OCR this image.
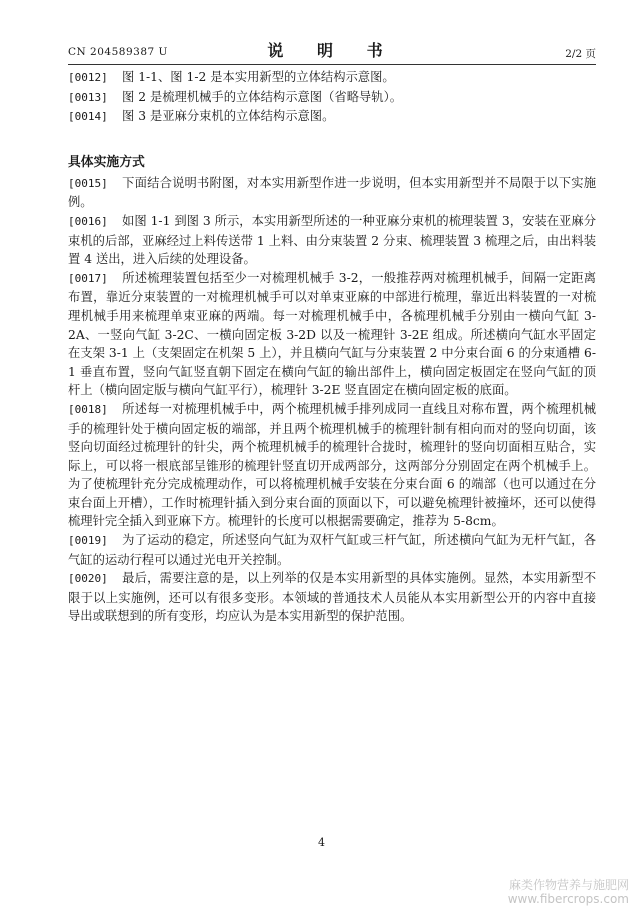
CN 204589387 U	说 明 书	2/2 页

[0012] 图 1-1、图 1-2 是本实用新型的立体结构示意图。

[0013] 图 2 是梳理机械手的立体结构示意图（省略导轨）。

[0014] 图 3 是亚麻分束机的立体结构示意图。

具体实施方式

[0015] 下面结合说明书附图，对本实用新型作进一步说明，但本实用新型并不局限于以下实施例。

[0016] 如图 1-1 到图 3 所示，本实用新型所述的一种亚麻分束机的梳理装置 3，安装在亚麻分束机的后部，亚麻经过上料传送带 1 上料、由分束装置 2 分束、梳理装置 3 梳理之后，由出料装置 4 送出，进入后续的处理设备。

[0017] 所述梳理装置包括至少一对梳理机械手 3-2，一般推荐两对梳理机械手，间隔一定距离布置，靠近分束装置的一对梳理机械手可以对单束亚麻的中部进行梳理，靠近出料装置的一对梳理机械手用来梳理单束亚麻的两端。每一对梳理机械手中，各梳理机械手分别由一横向气缸 3-2A、一竖向气缸 3-2C、一横向固定板 3-2D 以及一梳理针 3-2E 组成。所述横向气缸水平固定在支架 3-1 上（支架固定在机架 5 上），并且横向气缸与分束装置 2 中分束台面 6 的分束通槽 6-1 垂直布置，竖向气缸竖直朝下固定在横向气缸的输出部件上，横向固定板固定在竖向气缸的顶杆上（横向固定版与横向气缸平行），梳理针 3-2E 竖直固定在横向固定板的底面。

[0018] 所述每一对梳理机械手中，两个梳理机械手排列成同一直线且对称布置，两个梳理机械手的梳理针处于横向固定板的端部，并且两个梳理机械手的梳理针制有相向而对的竖向切面，该竖向切面经过梳理针的针尖，两个梳理机械手的梳理针合拢时，梳理针的竖向切面相互贴合，实际上，可以将一根底部呈锥形的梳理针竖直切开成两部分，这两部分分别固定在两个机械手上。为了使梳理针充分完成梳理动作，可以将梳理机械手安装在分束台面 6 的端部（也可以通过在分束台面上开槽），工作时梳理针插入到分束台面的顶面以下，可以避免梳理针被撞坏，还可以使得梳理针完全插入到亚麻下方。梳理针的长度可以根据需要确定，推荐为 5-8cm。

[0019] 为了运动的稳定，所述竖向气缸为双杆气缸或三杆气缸，所述横向气缸为无杆气缸，各气缸的运动行程可以通过光电开关控制。

[0020] 最后，需要注意的是，以上列举的仅是本实用新型的具体实施例。显然，本实用新型不限于以上实施例，还可以有很多变形。本领域的普通技术人员能从本实用新型公开的内容中直接导出或联想到的所有变形，均应认为是本实用新型的保护范围。

4
麻类作物营养与施肥网
www.fibercrops.com
